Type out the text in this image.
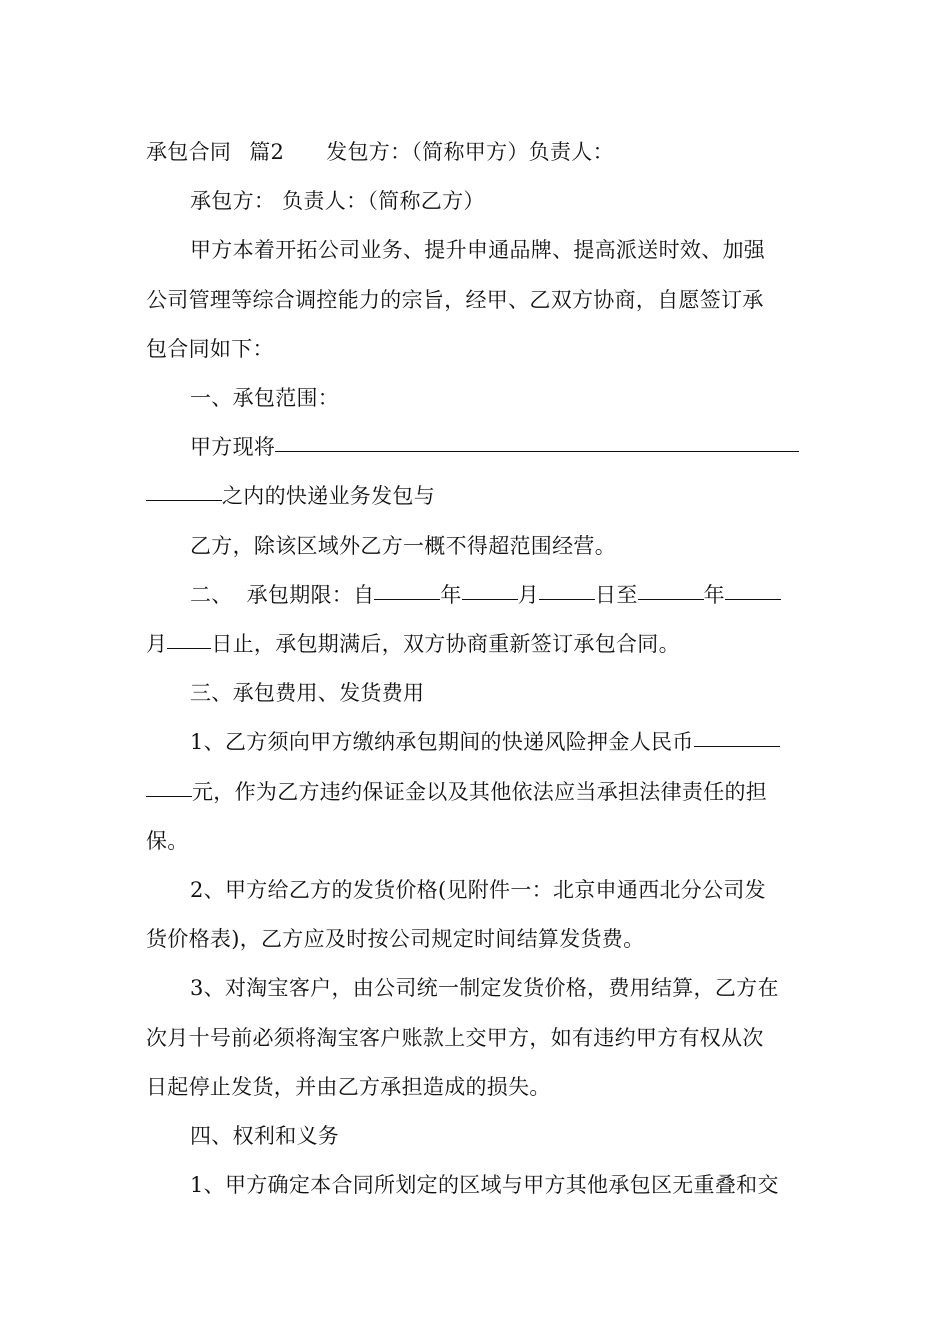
承包合同 篇2 发包方：（简称甲方）负责人：
承包方： 负责人：（简称乙方）
甲方本着开拓公司业务、提升申通品牌、提高派送时效、加强
公司管理等综合调控能力的宗旨，经甲、乙双方协商，自愿签订承
包合同如下：
一、承包范围：
甲方现将
之内的快递业务发包与
乙方，除该区域外乙方一概不得超范围经营。
二、 承包期限：自	年	月	日至	年
月 日止，承包期满后，双方协商重新签订承包合同。
三、承包费用、发货费用
1、乙方须向甲方缴纳承包期间的快递风险押金人民币
元，作为乙方违约保证金以及其他依法应当承担法律责任的担
保。
2、甲方给乙方的发货价格(见附件一：北京申通西北分公司发
货价格表)，乙方应及时按公司规定时间结算发货费。
3、对淘宝客户，由公司统一制定发货价格，费用结算，乙方在
次月十号前必须将淘宝客户账款上交甲方，如有违约甲方有权从次
日起停止发货，并由乙方承担造成的损失。
四、权利和义务
1、甲方确定本合同所划定的区域与甲方其他承包区无重叠和交
